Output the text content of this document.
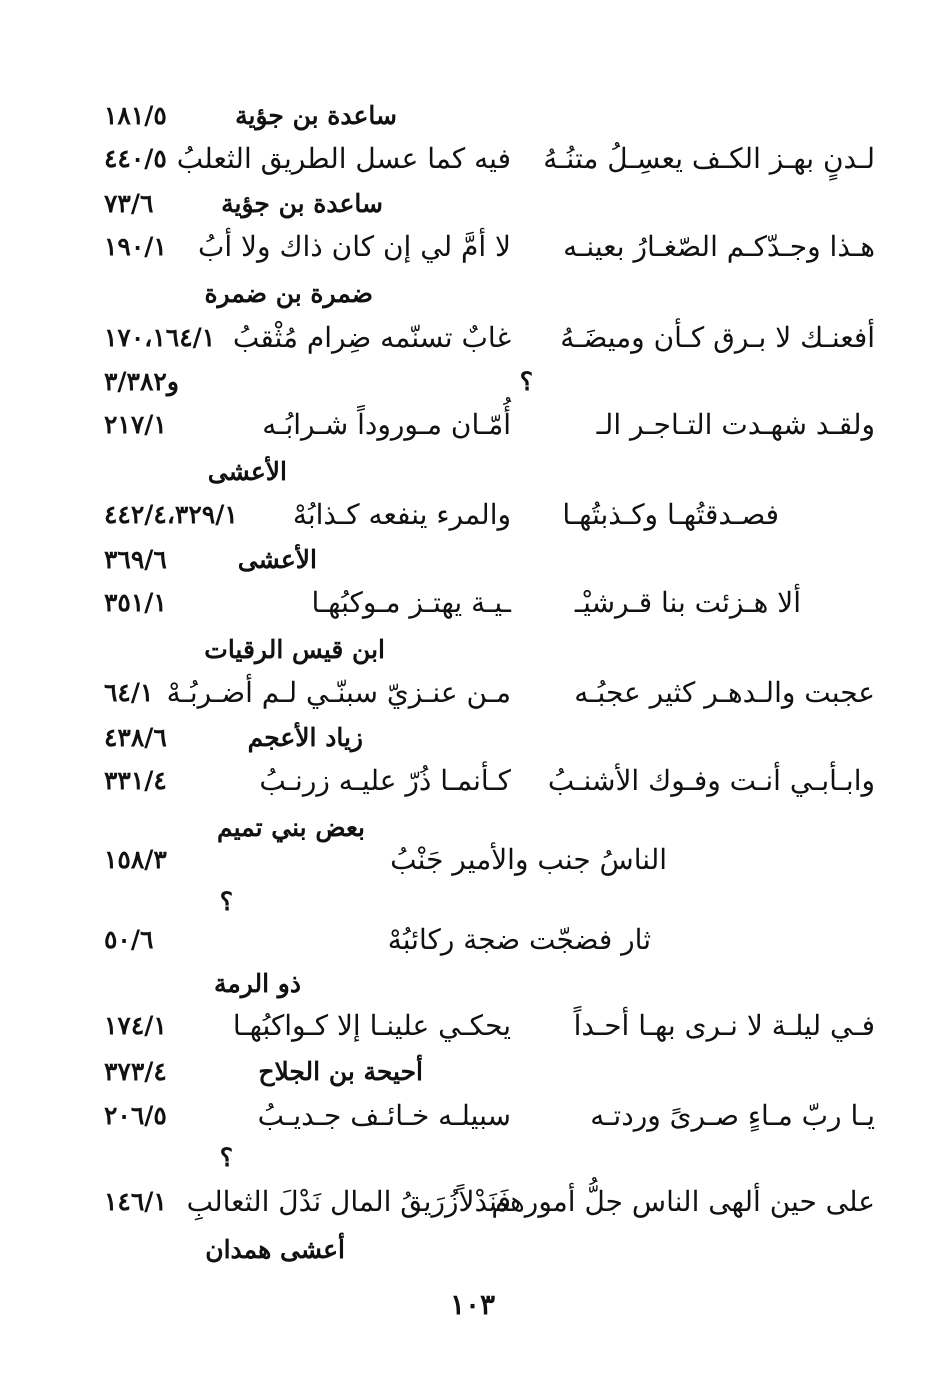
ساعدة بن جؤية
١٨١/٥
لـدنٍ بهـز الكـف يعسِـلُ متنُـهُ
فيه كما عسل الطريق الثعلبُ
٤٤٠/٥
ساعدة بن جؤية
٧٣/٦
هـذا وجـدّكـم الصّغـارُ بعينـه
لا أمَّ لي إن كان ذاك ولا أبُ
١٩٠/١
ضمرة بن ضمرة
أفعنـك لا بـرق كـأن وميضَـهُ
غابٌ تسنّمه ضِرام مُثْقبُ
١٧٠،١٦٤/١
؟
و٣/٣٨٢
ولقـد شهـدت التـاجـر الـ
أُمّـان مـوروداً شـرابُـه
٢١٧/١
الأعشى
فصـدقتُهـا وكـذبتُهـا
والمرء ينفعه كـذابُهْ
٤٤٢/٤،٣٢٩/١
الأعشى
٣٦٩/٦
ألا هـزئت بنا قـرشيْـ
ـيـة يهتـز مـوكبُهـا
٣٥١/١
ابن قيس الرقيات
عجبت والـدهـر كثير عجبُـه
مـن عنـزيّ سبنّـي لـم أضـربُـهْ
٦٤/١
زياد الأعجم
٤٣٨/٦
وابـأبـي أنـت وفـوك الأشنـبُ
كـأنمـا ذُرّ عليـه زرنـبُ
٣٣١/٤
بعض بني تميم
الناسُ جنب والأمير جَنْبُ
١٥٨/٣
؟
ثار فضجّت ضجة ركائبُهْ
٥٠/٦
ذو الرمة
فـي ليلـة لا نـرى بهـا أحـداً
يحكـي علينـا إلا كـواكبُهـا
١٧٤/١
أحيحة بن الجلاح
٣٧٣/٤
يـا ربّ مـاءٍ صـرىً وردتـه
سبيلـه خـائـف جـديـبُ
٢٠٦/٥
؟
على حين ألهى الناس جلُّ أمورهم
فَنَدْلاًزُرَيقُ المال نَدْلَ الثعالبِ
١٤٦/١
أعشى همدان
١٠٣
